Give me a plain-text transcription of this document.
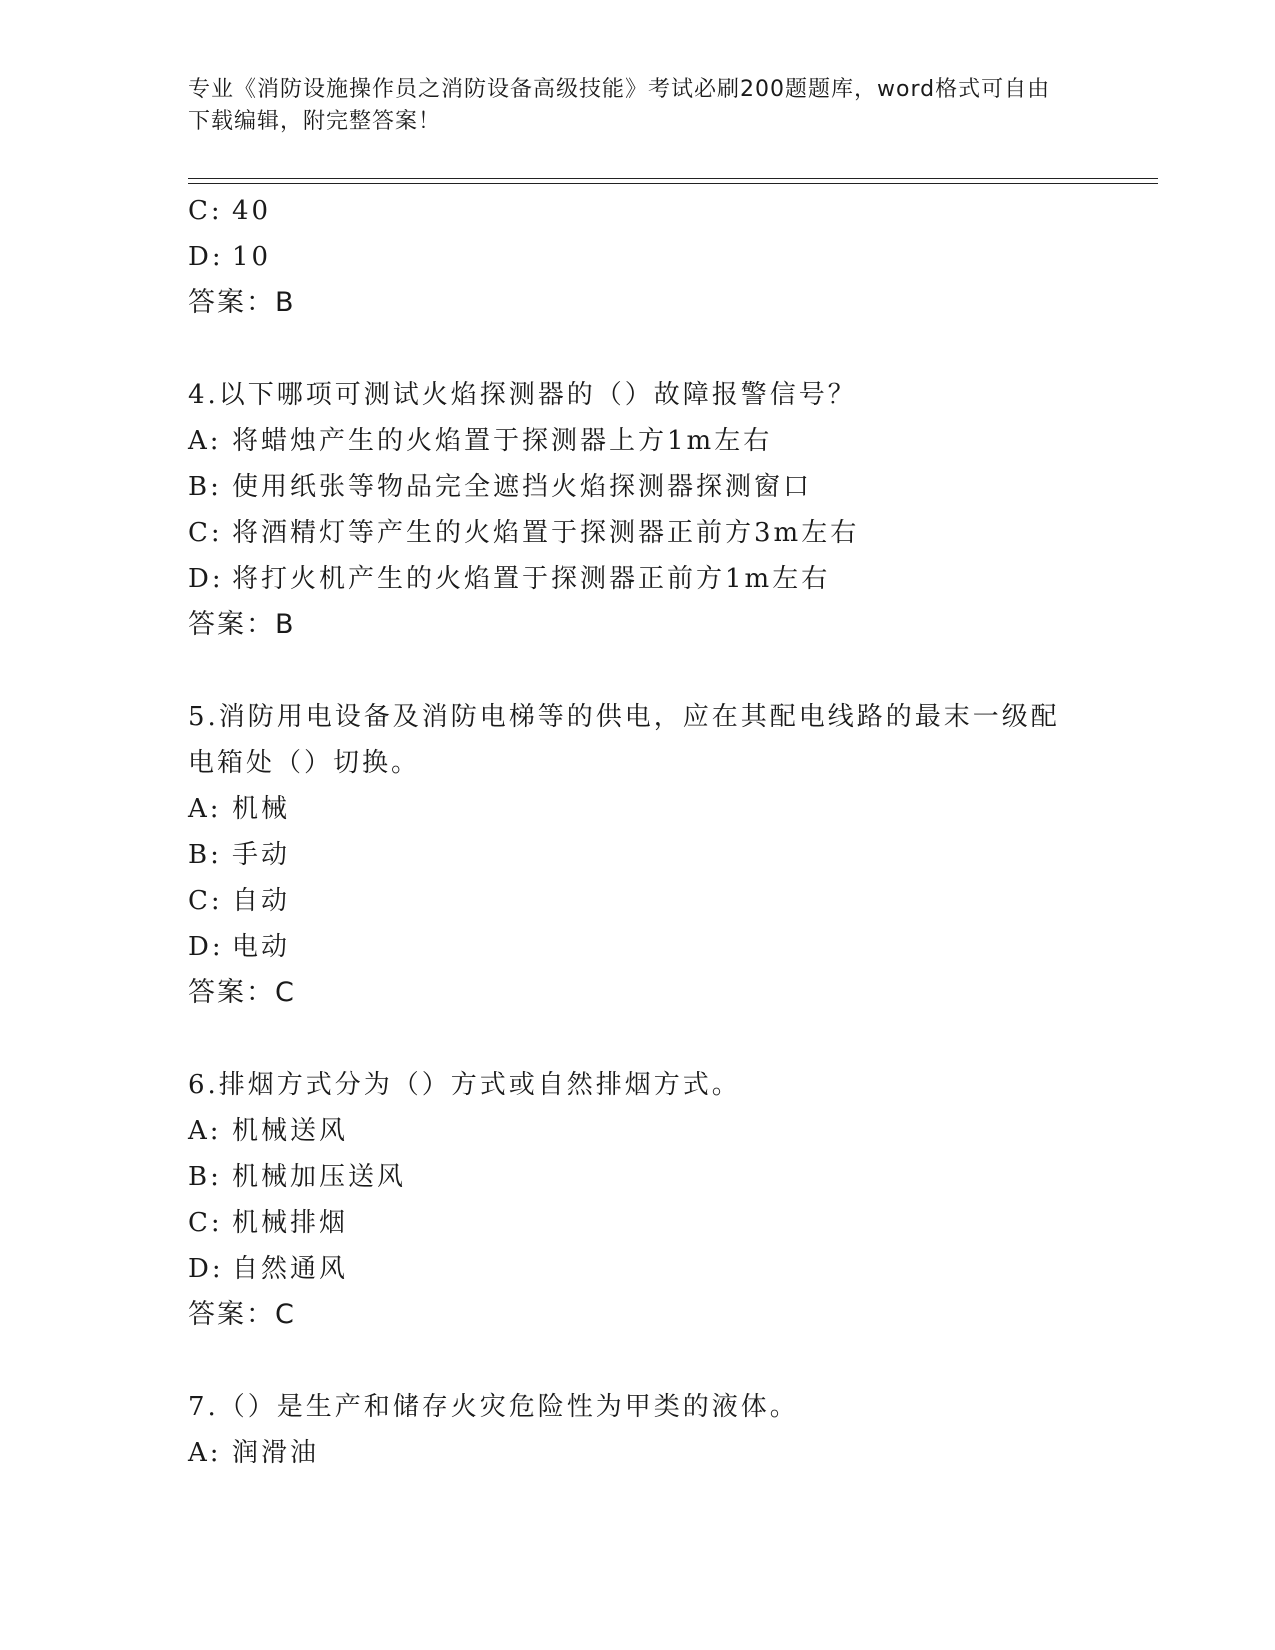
专业《消防设施操作员之消防设备高级技能》考试必刷200题题库，word格式可自由下载编辑，附完整答案！
C: 40
D: 10
答案：B
4.以下哪项可测试火焰探测器的（）故障报警信号？
A: 将蜡烛产生的火焰置于探测器上方1m左右
B: 使用纸张等物品完全遮挡火焰探测器探测窗口
C: 将酒精灯等产生的火焰置于探测器正前方3m左右
D: 将打火机产生的火焰置于探测器正前方1m左右
答案：B
5.消防用电设备及消防电梯等的供电，应在其配电线路的最末一级配
电箱处（）切换。
A: 机械
B: 手动
C: 自动
D: 电动
答案：C
6.排烟方式分为（）方式或自然排烟方式。
A: 机械送风
B: 机械加压送风
C: 机械排烟
D: 自然通风
答案：C
7.（）是生产和储存火灾危险性为甲类的液体。
A: 润滑油
